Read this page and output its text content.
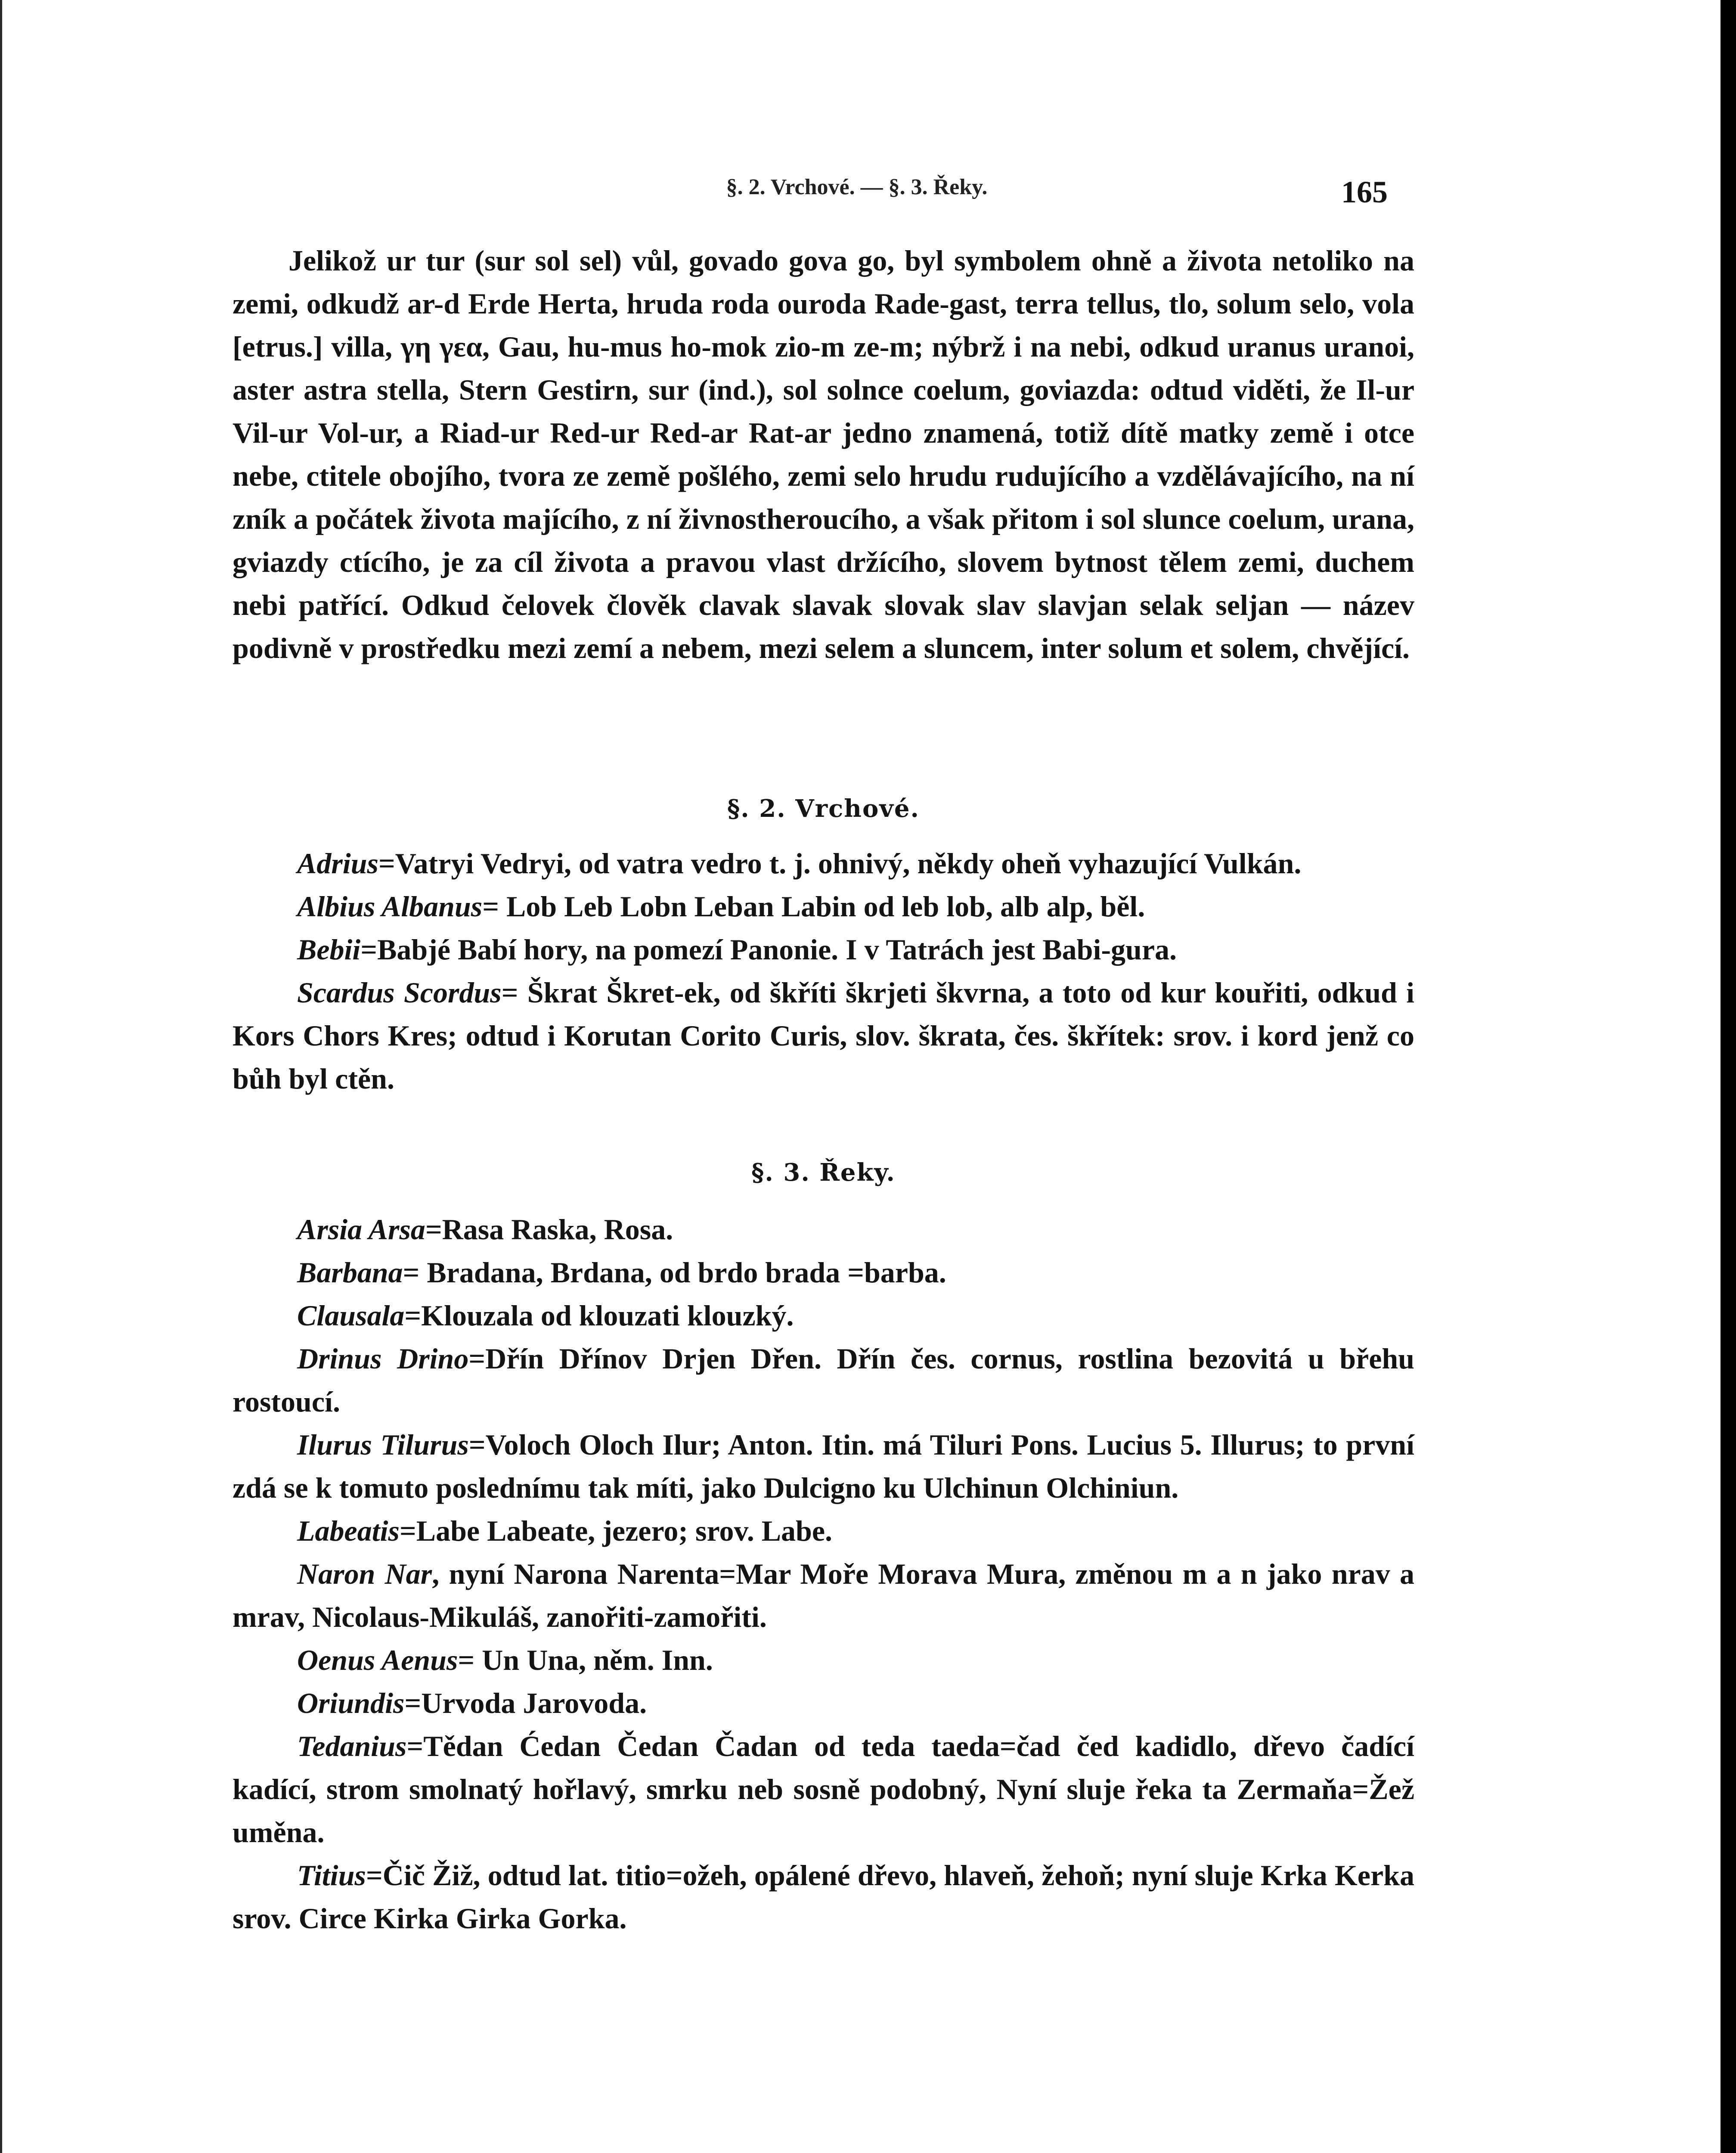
§. 2. Vrchové. — §. 3. Řeky.	165

Jelikož ur tur (sur sol sel) vůl, govado gova go, byl symbolem ohně a života netoliko na zemi, odkudž ar-d Erde Herta, hruda roda ouroda Rade-gast, terra tellus, tlo, solum selo, vola [etrus.] villa, γη γεα, Gau, hu-mus ho-mok zio-m ze-m; nýbrž i na nebi, odkud uranus uranoi, aster astra stella, Stern Gestirn, sur (ind.), sol solnce coelum, goviazda: odtud viděti, že Il-ur Vil-ur Vol-ur, a Riad-ur Red-ur Red-ar Rat-ar jedno znamená, totiž dítě matky země i otce nebe, ctitele obojího, tvora ze země pošlého, zemi selo hrudu rudujícího a vzdělávajícího, na ní zník a počátek života majícího, z ní živnostheroucího, a však přitom i sol slunce coelum, urana, gviazdy ctícího, je za cíl života a pravou vlast držícího, slovem bytnost tělem zemi, duchem nebi patřící. Odkud čelovek člověk clavak slavak slovak slav slavjan selak seljan — název podivně v prostředku mezi zemí a nebem, mezi selem a sluncem, inter solum et solem, chvějící.

§. 2. Vrchové.

Adrius=Vatryi Vedryi, od vatra vedro t. j. ohnivý, někdy oheň vyhazující Vulkán.

Albius Albanus= Lob Leb Lobn Leban Labin od leb lob, alb alp, běl.

Bebii=Babjé Babí hory, na pomezí Panonie. I v Tatrách jest Babi-gura.

Scardus Scordus= Škrat Škret-ek, od škříti škrjeti škvrna, a toto od kur kouřiti, odkud i Kors Chors Kres; odtud i Korutan Corito Curis, slov. škrata, čes. škřítek: srov. i kord jenž co bůh byl ctěn.

§. 3. Řeky.

Arsia Arsa=Rasa Raska, Rosa.

Barbana= Bradana, Brdana, od brdo brada =barba.

Clausala=Klouzala od klouzati klouzký.

Drinus Drino=Dřín Dřínov Drjen Dřen. Dřín čes. cornus, rostlina bezovitá u břehu rostoucí.

Ilurus Tilurus=Voloch Oloch Ilur; Anton. Itin. má Tiluri Pons. Lucius 5. Illurus; to první zdá se k tomuto poslednímu tak míti, jako Dulcigno ku Ulchinun Olchiniun.

Labeatis=Labe Labeate, jezero; srov. Labe.

Naron Nar, nyní Narona Narenta=Mar Moře Morava Mura, změnou m a n jako nrav a mrav, Nicolaus-Mikuláš, zanořiti-zamořiti.

Oenus Aenus= Un Una, něm. Inn.

Oriundis=Urvoda Jarovoda.

Tedanius=Tědan Ćedan Čedan Čadan od teda taeda=čad čed kadidlo, dřevo čadící kadící, strom smolnatý hořlavý, smrku neb sosně podobný, Nyní sluje řeka ta Zermaňa=Žež uměna.

Titius=Čič Žiž, odtud lat. titio=ožeh, opálené dřevo, hlaveň, žehoň; nyní sluje Krka Kerka srov. Circe Kirka Girka Gorka.
